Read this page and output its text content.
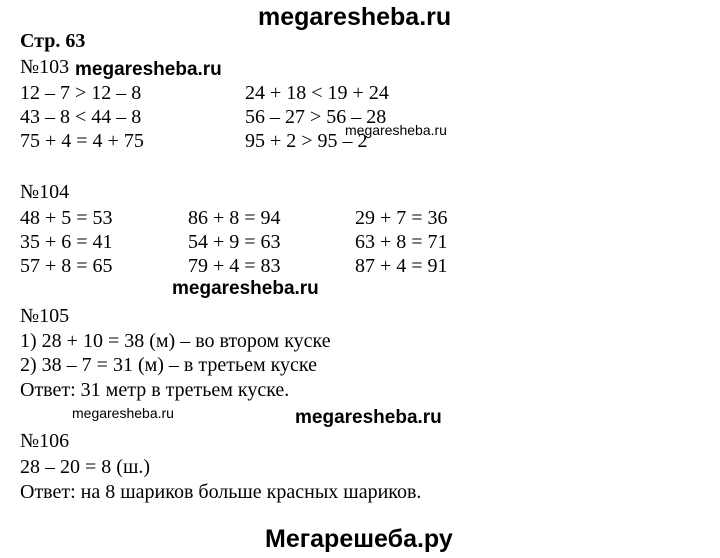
megaresheba.ru
Стр. 63
№103 megaresheba.ru
12 – 7 > 12 – 8	24 + 18 < 19 + 24
43 – 8 < 44 – 8	56 – 27 > 56 – 28
megaresheba.ru
75 + 4 = 4 + 75	95 + 2 > 95 – 2
№104
48 + 5 = 53	86 + 8 = 94	29 + 7 = 36
35 + 6 = 41	54 + 9 = 63	63 + 8 = 71
57 + 8 = 65	79 + 4 = 83	87 + 4 = 91
megaresheba.ru
№105
1) 28 + 10 = 38 (м) – во втором куске
2) 38 – 7 = 31 (м) – в третьем куске
Ответ: 31 метр в третьем куске.
megaresheba.ru	megaresheba.ru
№106
28 – 20 = 8 (ш.)
Ответ: на 8 шариков больше красных шариков.
Мегарешеба.ру
